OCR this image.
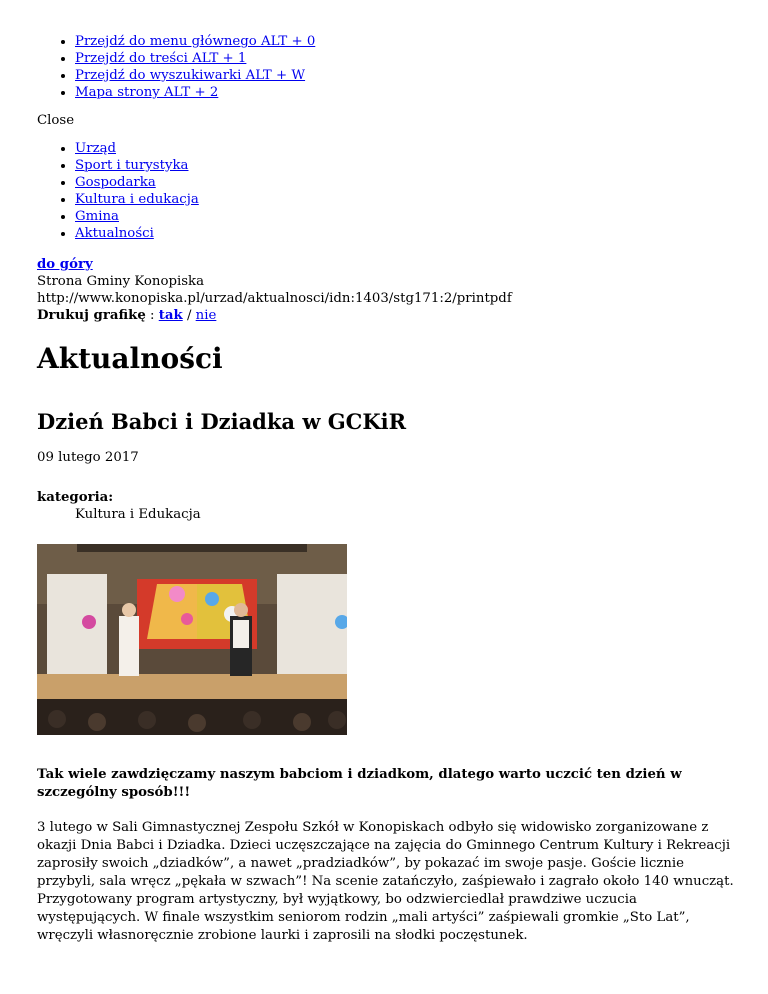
• Przejdź do menu głównego ALT + 0
• Przejdź do treści ALT + 1
• Przejdź do wyszukiwarki ALT + W
• Mapa strony ALT + 2
Close
• Urząd
• Sport i turystyka
• Gospodarka
• Kultura i edukacja
• Gmina
• Aktualności
do góry
Strona Gminy Konopiska
http://www.konopiska.pl/urzad/aktualnosci/idn:1403/stg171:2/printpdf
Drukuj grafikę : tak / nie
Aktualności
Dzień Babci i Dziadka w GCKiR
09 lutego 2017
kategoria:
Kultura i Edukacja

Tak wiele zawdzięczamy naszym babciom i dziadkom, dlatego warto uczcić ten dzień w szczególny sposób!!!

3 lutego w Sali Gimnastycznej Zespołu Szkół w Konopiskach odbyło się widowisko zorganizowane z okazji Dnia Babci i Dziadka. Dzieci uczęszczające na zajęcia do Gminnego Centrum Kultury i Rekreacji zaprosiły swoich „dziadków”, a nawet „pradziadków”, by pokazać im swoje pasje. Goście licznie przybyli, sala wręcz „pękała w szwach”! Na scenie zatańczyło, zaśpiewało i zagrało około 140 wnucząt. Przygotowany program artystyczny, był wyjątkowy, bo odzwierciedlał prawdziwe uczucia występujących. W finale wszystkim seniorom rodzin „mali artyści” zaśpiewali gromkie „Sto Lat”, wręczyli własnoręcznie zrobione laurki i zaprosili na słodki poczęstunek.
